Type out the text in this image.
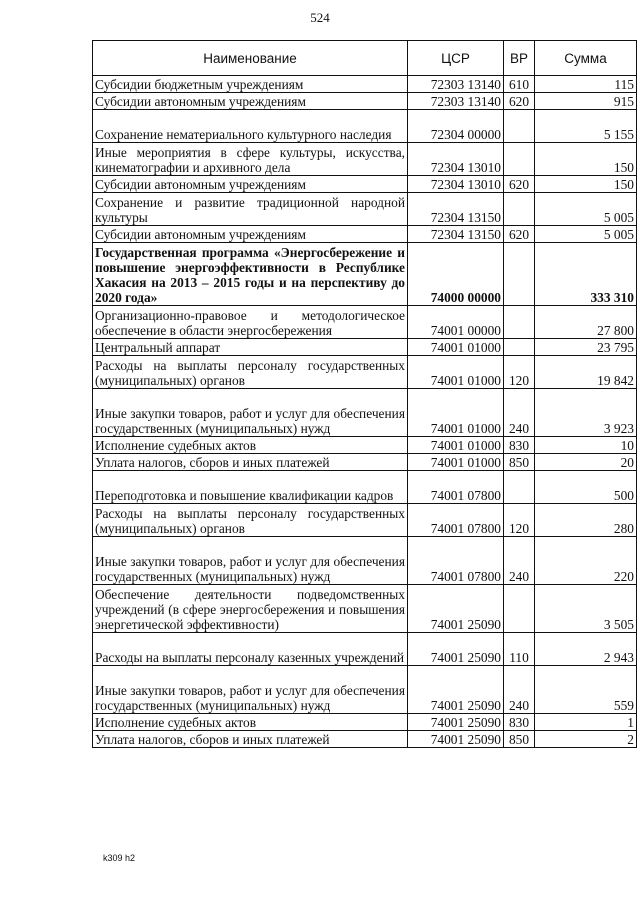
524
Наименование	ЦСР	ВР	Сумма
Субсидии бюджетным учреждениям	72303 13140	610	115
Субсидии автономным учреждениям	72303 13140	620	915
Сохранение нематериального культурного наследия	72304 00000		5 155
Иные мероприятия в сфере культуры, искусства, кинематографии и архивного дела	72304 13010		150
Субсидии автономным учреждениям	72304 13010	620	150
Сохранение и развитие традиционной народной культуры	72304 13150		5 005
Субсидии автономным учреждениям	72304 13150	620	5 005
Государственная программа «Энергосбережение и повышение энергоэффективности в Республике Хакасия на 2013 – 2015 годы и на перспективу до 2020 года»	74000 00000		333 310
Организационно-правовое и методологическое обеспечение в области энергосбережения	74001 00000		27 800
Центральный аппарат	74001 01000		23 795
Расходы на выплаты персоналу государственных (муниципальных) органов	74001 01000	120	19 842
Иные закупки товаров, работ и услуг для обеспечения государственных (муниципальных) нужд	74001 01000	240	3 923
Исполнение судебных актов	74001 01000	830	10
Уплата налогов, сборов и иных платежей	74001 01000	850	20
Переподготовка и повышение квалификации кадров	74001 07800		500
Расходы на выплаты персоналу государственных (муниципальных) органов	74001 07800	120	280
Иные закупки товаров, работ и услуг для обеспечения государственных (муниципальных) нужд	74001 07800	240	220
Обеспечение деятельности подведомственных учреждений (в сфере энергосбережения и повышения энергетической эффективности)	74001 25090		3 505
Расходы на выплаты персоналу казенных учреждений	74001 25090	110	2 943
Иные закупки товаров, работ и услуг для обеспечения государственных (муниципальных) нужд	74001 25090	240	559
Исполнение судебных актов	74001 25090	830	1
Уплата налогов, сборов и иных платежей	74001 25090	850	2
k309 h2
